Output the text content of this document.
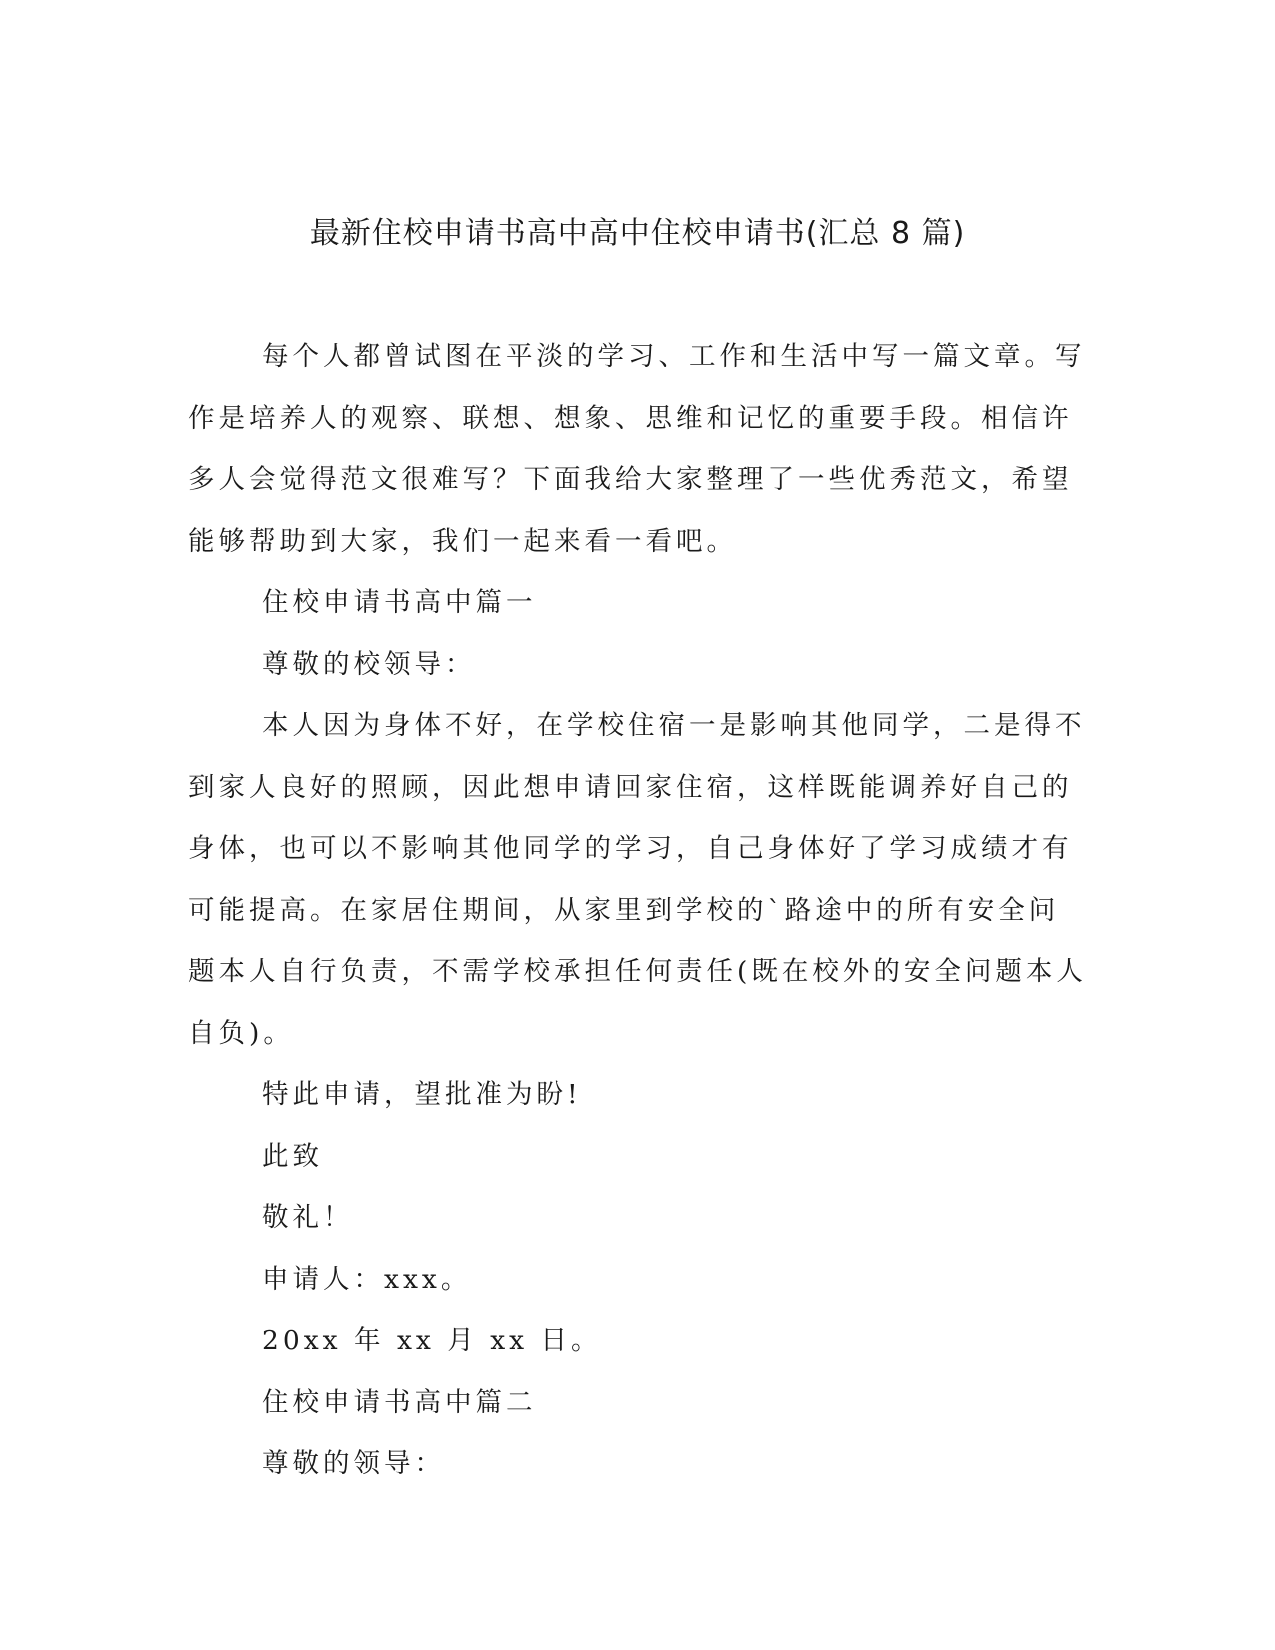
最新住校申请书高中高中住校申请书(汇总 8 篇)

每个人都曾试图在平淡的学习、工作和生活中写一篇文章。写作是培养人的观察、联想、想象、思维和记忆的重要手段。相信许多人会觉得范文很难写？下面我给大家整理了一些优秀范文，希望能够帮助到大家，我们一起来看一看吧。

住校申请书高中篇一

尊敬的校领导：

本人因为身体不好，在学校住宿一是影响其他同学，二是得不到家人良好的照顾，因此想申请回家住宿，这样既能调养好自己的身体，也可以不影响其他同学的学习，自己身体好了学习成绩才有可能提高。在家居住期间，从家里到学校的`路途中的所有安全问题本人自行负责，不需学校承担任何责任(既在校外的安全问题本人自负)。

特此申请，望批准为盼!

此致

敬礼！

申请人：xxx。

20xx 年 xx 月 xx 日。

住校申请书高中篇二

尊敬的领导：
